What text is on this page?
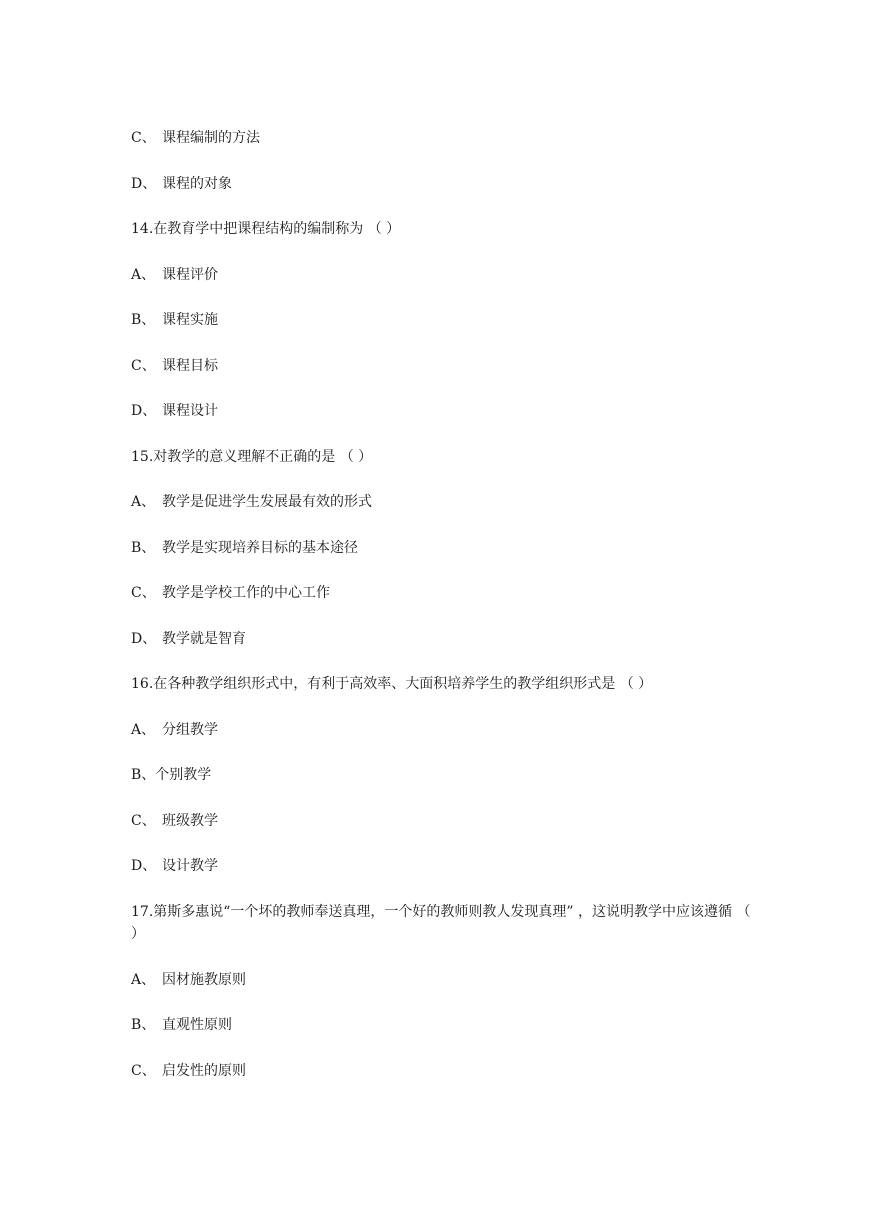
C、 课程编制的方法
D、 课程的对象
14.在教育学中把课程结构的编制称为 （ ）
A、 课程评价
B、 课程实施
C、 课程目标
D、 课程设计
15.对教学的意义理解不正确的是 （ ）
A、 教学是促进学生发展最有效的形式
B、 教学是实现培养目标的基本途径
C、 教学是学校工作的中心工作
D、 教学就是智育
16.在各种教学组织形式中，有利于高效率、大面积培养学生的教学组织形式是 （ ）
A、 分组教学
B、个别教学
C、 班级教学
D、 设计教学
17.第斯多惠说“一个坏的教师奉送真理，一个好的教师则教人发现真理” ，这说明教学中应该遵循 （ ）
A、 因材施教原则
B、 直观性原则
C、 启发性的原则
